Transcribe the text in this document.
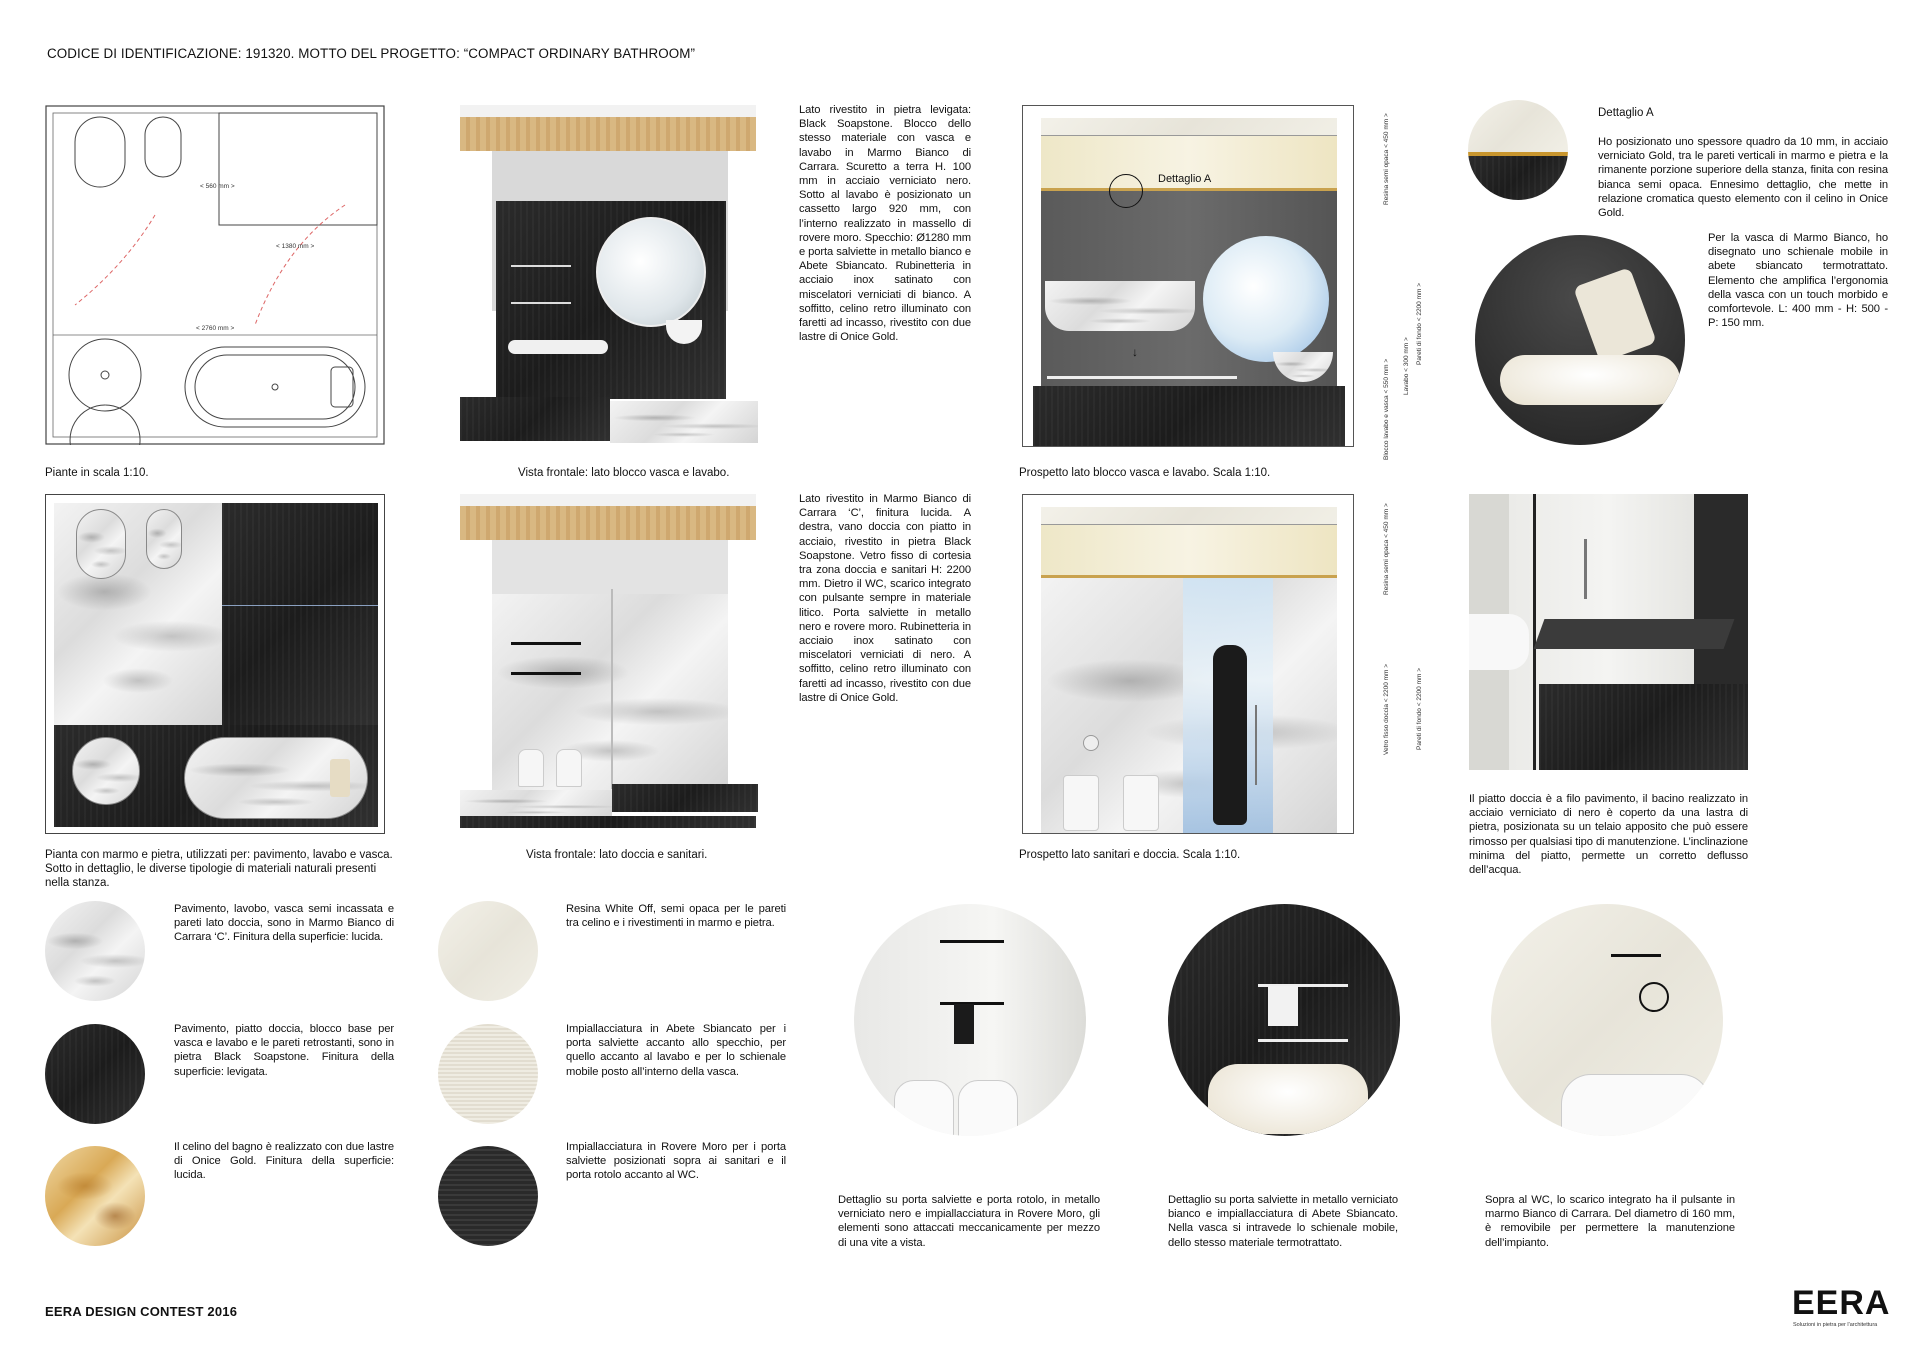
CODICE DI IDENTIFICAZIONE: 191320. MOTTO DEL PROGETTO: “COMPACT ORDINARY BATHROOM”
< 560 mm >
< 1380 mm >
< 2760 mm >
Piante in scala 1:10.	Vista frontale: lato blocco vasca e lavabo.
Lato rivestito in pietra levigata: Black Soapstone. Blocco dello stesso materiale con vasca e lavabo in Marmo Bianco di Carrara. Scuretto a terra H. 100 mm in acciaio verniciato nero. Sotto al lavabo è posizionato un cassetto largo 920 mm, con l’interno realizzato in massello di rovere moro. Specchio: Ø1280 mm e porta salviette in metallo bianco e Abete Sbiancato. Rubinetteria in acciaio inox satinato con miscelatori verniciati di bianco. A soffitto, celino retro illuminato con faretti ad incasso, rivestito con due lastre di Onice Gold.
↓
Dettaglio A	Resina semi opaca < 450 mm >
Pareti di fondo < 2200 mm >
Lavabo < 300 mm >
Blocco lavabo e vasca < 550 mm >
Prospetto lato blocco vasca e lavabo. Scala 1:10.
Dettaglio A
Ho posizionato uno spessore quadro da 10 mm, in acciaio verniciato Gold, tra le pareti verticali in marmo e pietra e la rimanente porzione superiore della stanza, finita con resina bianca semi opaca. Ennesimo dettaglio, che mette in relazione cromatica questo elemento con il celino in Onice Gold.
Per la vasca di Marmo Bianco, ho disegnato uno schienale mobile in abete sbiancato termotrattato. Elemento che amplifica l’ergonomia della vasca con un touch morbido e comfortevole. L: 400 mm - H: 500 - P: 150 mm.
Pianta con marmo e pietra, utilizzati per: pavimento, lavabo e vasca. Sotto in dettaglio, le diverse tipologie di materiali naturali presenti nella stanza.
Vista frontale: lato doccia e sanitari.
Lato rivestito in Marmo Bianco di Carrara ‘C’, finitura lucida. A destra, vano doccia con piatto in acciaio, rivestito in pietra Black Soapstone. Vetro fisso di cortesia tra zona doccia e sanitari H: 2200 mm. Dietro il WC, scarico integrato con pulsante sempre in materiale litico. Porta salviette in metallo nero e rovere moro. Rubinetteria in acciaio inox satinato con miscelatori verniciati di nero. A soffitto, celino retro illuminato con faretti ad incasso, rivestito con due lastre di Onice Gold.
Resina semi opaca < 450 mm >
Vetro fisso doccia < 2200 mm >	Pareti di fondo < 2200 mm >
Prospetto lato sanitari e doccia. Scala 1:10.
Il piatto doccia è a filo pavimento, il bacino realizzato in acciaio verniciato di nero è coperto da una lastra di pietra, posizionata su un telaio apposito che può essere rimosso per qualsiasi tipo di manutenzione. L’inclinazione minima del piatto, permette un corretto deflusso dell’acqua.
Pavimento, lavobo, vasca semi incassata e pareti lato doccia, sono in Marmo Bianco di Carrara ‘C’. Finitura della superficie: lucida.
Pavimento, piatto doccia, blocco base per vasca e lavabo e le pareti retrostanti, sono in pietra Black Soapstone. Finitura della superficie: levigata.
Il celino del bagno è realizzato con due lastre di Onice Gold. Finitura della superficie: lucida.
Resina White Off, semi opaca per le pareti tra celino e i rivestimenti in marmo e pietra.
Impiallacciatura in Abete Sbiancato per i porta salviette accanto allo specchio, per quello accanto al lavabo e per lo schienale mobile posto all’interno della vasca.
Impiallacciatura in Rovere Moro per i porta salviette posizionati sopra ai sanitari e il porta rotolo accanto al WC.
Dettaglio su porta salviette e porta rotolo, in metallo verniciato nero e impiallacciatura in Rovere Moro, gli elementi sono attaccati meccanicamente per mezzo di una vite a vista.
Dettaglio su porta salviette in metallo verniciato bianco e impiallacciatura di Abete Sbiancato. Nella vasca si intravede lo schienale mobile, dello stesso materiale termotrattato.
Sopra al WC, lo scarico integrato ha il pulsante in marmo Bianco di Carrara. Del diametro di 160 mm, è removibile per permettere la manutenzione dell’impianto.
EERA DESIGN CONTEST 2016	EERA
Soluzioni in pietra per l'architettura
